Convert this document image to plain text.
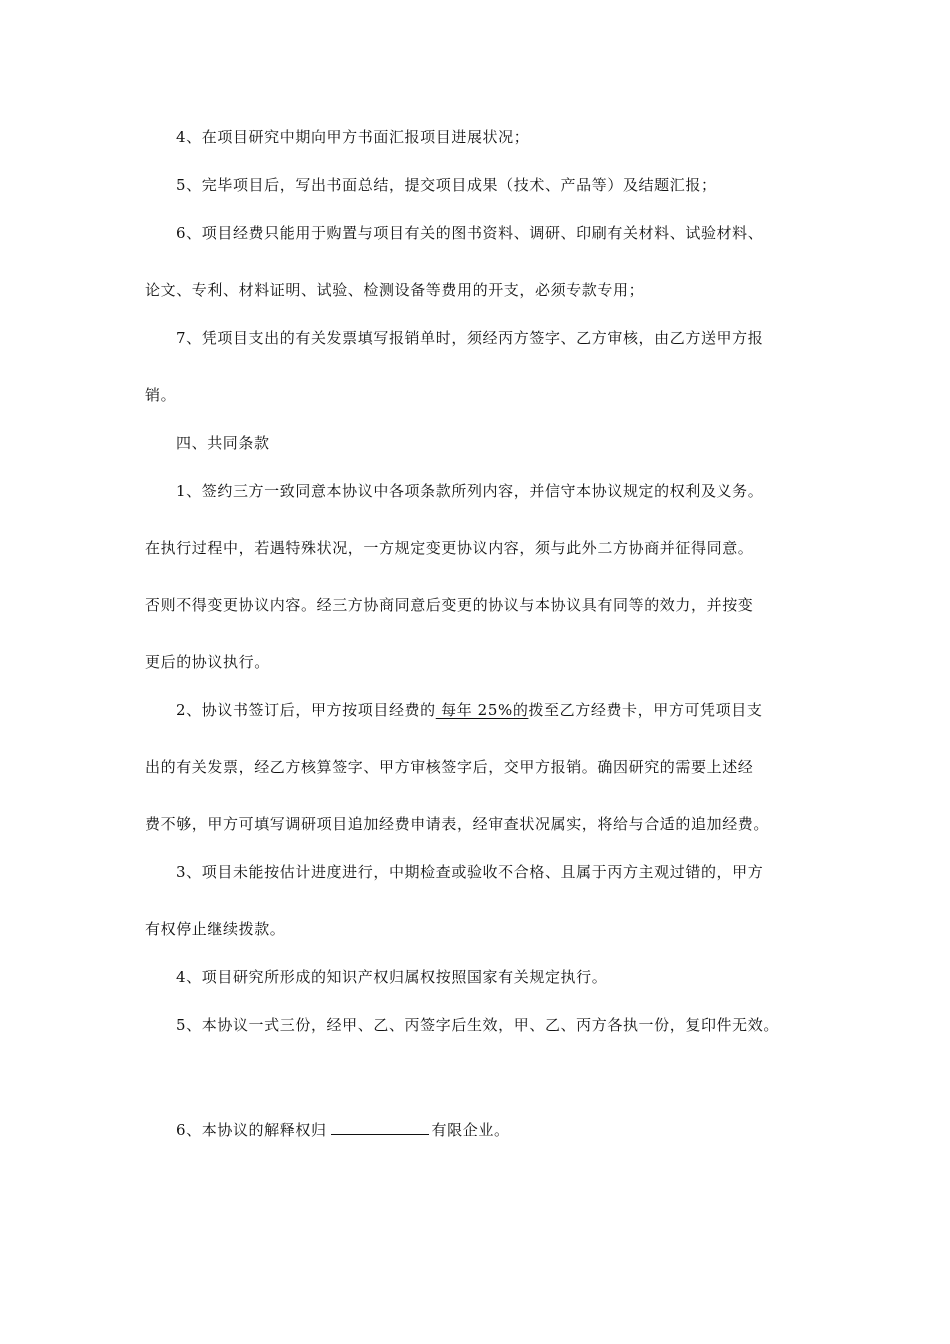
4、在项目研究中期向甲方书面汇报项目进展状况；
5、完毕项目后，写出书面总结，提交项目成果（技术、产品等）及结题汇报；
6、项目经费只能用于购置与项目有关的图书资料、调研、印刷有关材料、试验材料、
论文、专利、材料证明、试验、检测设备等费用的开支，必须专款专用；
7、凭项目支出的有关发票填写报销单时，须经丙方签字、乙方审核，由乙方送甲方报
销。
四、共同条款
1、签约三方一致同意本协议中各项条款所列内容，并信守本协议规定的权利及义务。
在执行过程中，若遇特殊状况，一方规定变更协议内容，须与此外二方协商并征得同意。
否则不得变更协议内容。经三方协商同意后变更的协议与本协议具有同等的效力，并按变
更后的协议执行。
2、协议书签订后，甲方按项目经费的 每年 25%的拨至乙方经费卡，甲方可凭项目支
出的有关发票，经乙方核算签字、甲方审核签字后，交甲方报销。确因研究的需要上述经
费不够，甲方可填写调研项目追加经费申请表，经审查状况属实，将给与合适的追加经费。
3、项目未能按估计进度进行，中期检查或验收不合格、且属于丙方主观过错的，甲方
有权停止继续拨款。
4、项目研究所形成的知识产权归属权按照国家有关规定执行。
5、本协议一式三份，经甲、乙、丙签字后生效，甲、乙、丙方各执一份，复印件无效。
6、本协议的解释权归	有限企业。
